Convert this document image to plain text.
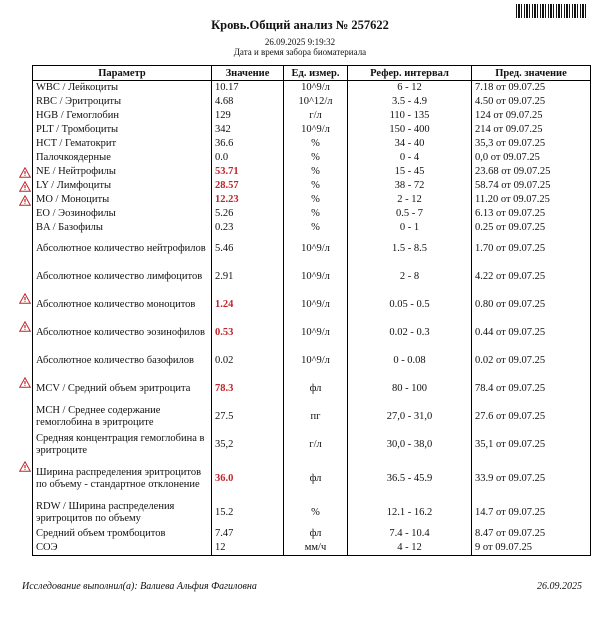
Кровь.Общий анализ № 257622
26.09.2025 9:19:32
Дата и время забора биоматериала
Параметр	Значение	Ед. измер.	Рефер. интервал	Пред. значение
WBC / Лейкоциты	10.17	10^9/л	6 - 12	7.18 от 09.07.25
RBC / Эритроциты	4.68	10^12/л	3.5 - 4.9	4.50 от 09.07.25
HGB / Гемоглобин	129	г/л	110 - 135	124 от 09.07.25
PLT / Тромбоциты	342	10^9/л	150 - 400	214 от 09.07.25
HCT / Гематокрит	36.6	%	34 - 40	35,3 от 09.07.25
Палочкоядерные	0.0	%	0 - 4	0,0 от 09.07.25
NE / Нейтрофилы	53.71	%	15 - 45	23.68 от 09.07.25
LY / Лимфоциты	28.57	%	38 - 72	58.74 от 09.07.25
MO / Моноциты	12.23	%	2 - 12	11.20 от 09.07.25
EO / Эозинофилы	5.26	%	0.5 - 7	6.13 от 09.07.25
BA / Базофилы	0.23	%	0 - 1	0.25 от 09.07.25
Абсолютное количество нейтрофилов	5.46	10^9/л	1.5 - 8.5	1.70 от 09.07.25
Абсолютное количество лимфоцитов	2.91	10^9/л	2 - 8	4.22 от 09.07.25
Абсолютное количество моноцитов	1.24	10^9/л	0.05 - 0.5	0.80 от 09.07.25
Абсолютное количество эозинофилов	0.53	10^9/л	0.02 - 0.3	0.44 от 09.07.25
Абсолютное количество базофилов	0.02	10^9/л	0 - 0.08	0.02 от 09.07.25
MCV / Средний объем эритроцита	78.3	фл	80 - 100	78.4 от 09.07.25
MCH / Среднее содержание гемоглобина в эритроците	27.5	пг	27,0 - 31,0	27.6 от 09.07.25
Средняя концентрация гемоглобина в эритроците	35,2	г/л	30,0 - 38,0	35,1 от 09.07.25
Ширина распределения эритроцитов по объему - стандартное отклонение	36.0	фл	36.5 - 45.9	33.9 от 09.07.25
RDW / Ширина распределения эритроцитов по объему	15.2	%	12.1 - 16.2	14.7 от 09.07.25
Средний объем тромбоцитов	7.47	фл	7.4 - 10.4	8.47 от 09.07.25
СОЭ	12	мм/ч	4 - 12	9 от 09.07.25
Исследование выполнил(а): Валиева Альфия Фагиловна	26.09.2025
